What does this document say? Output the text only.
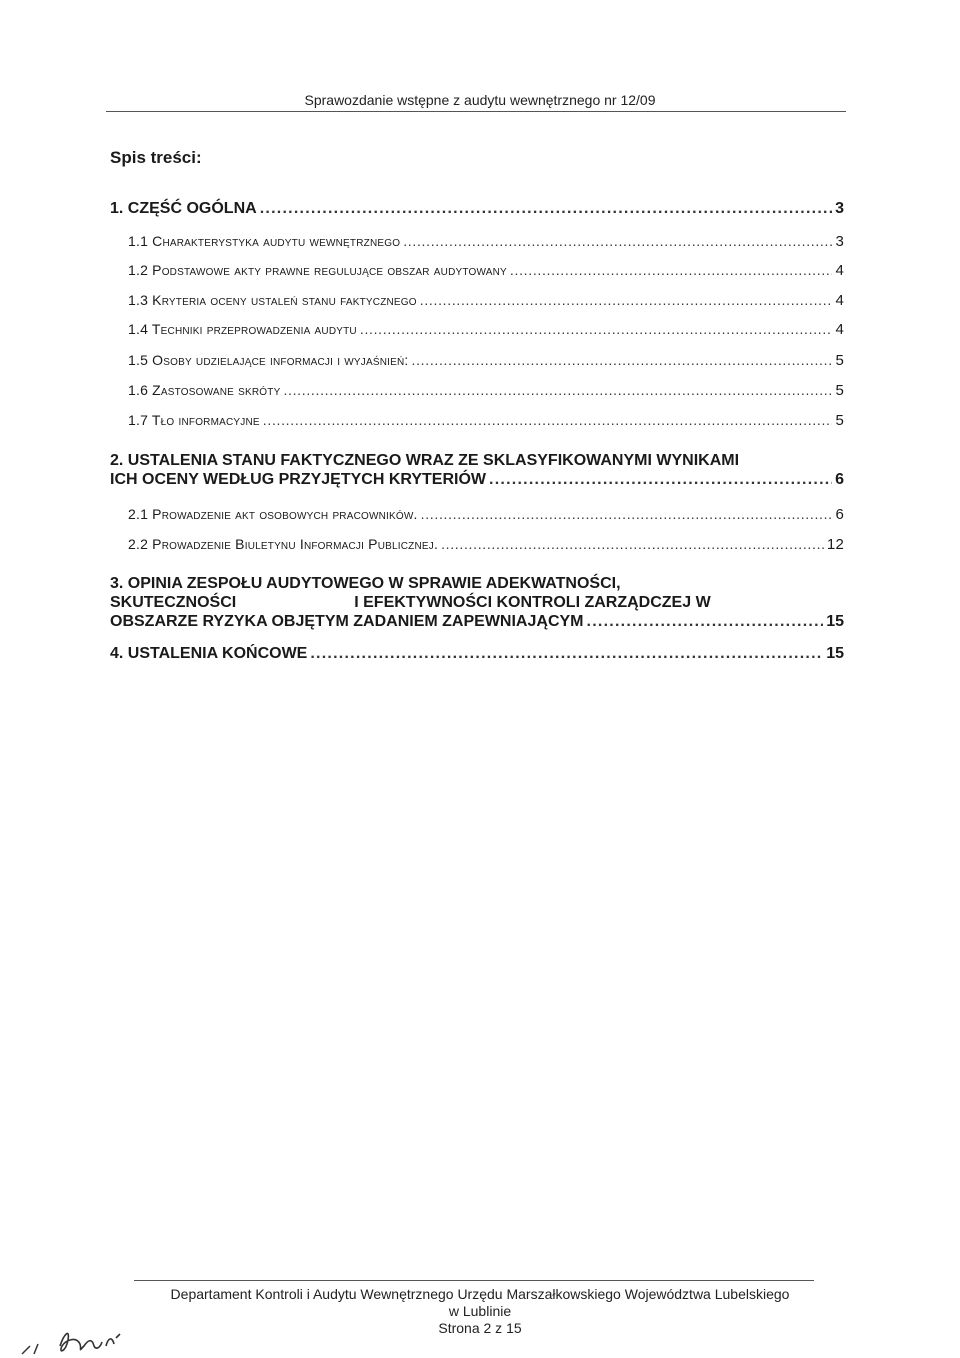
Sprawozdanie wstępne z audytu wewnętrznego nr 12/09
Spis treści:
1. CZĘŚĆ OGÓLNA . . .	3
1.1 Charakterystyka audytu wewnętrznego . . .	3
1.2 Podstawowe akty prawne regulujące obszar audytowany . . .	4
1.3 Kryteria oceny ustaleń stanu faktycznego . . .	4
1.4 Techniki przeprowadzenia audytu . . .	4
1.5 Osoby udzielające informacji i wyjaśnień: . . .	5
1.6 Zastosowane skróty . . .	5
1.7 Tło informacyjne . . .	5
2. USTALENIA STANU FAKTYCZNEGO WRAZ ZE SKLASYFIKOWANYMI WYNIKAMI
ICH OCENY WEDŁUG PRZYJĘTYCH KRYTERIÓW . . .	6
2.1 Prowadzenie akt osobowych pracowników. . . .	6
2.2 Prowadzenie Biuletynu Informacji Publicznej. . . .	12
3. OPINIA ZESPOŁU AUDYTOWEGO W SPRAWIE ADEKWATNOŚCI,
SKUTECZNOŚCI	I EFEKTYWNOŚCI KONTROLI ZARZĄDCZEJ W
OBSZARZE RYZYKA OBJĘTYM ZADANIEM ZAPEWNIAJĄCYM . . .	15
4. USTALENIA KOŃCOWE . . .	15
Departament Kontroli i Audytu Wewnętrznego Urzędu Marszałkowskiego Województwa Lubelskiego
w Lublinie
Strona 2 z 15
